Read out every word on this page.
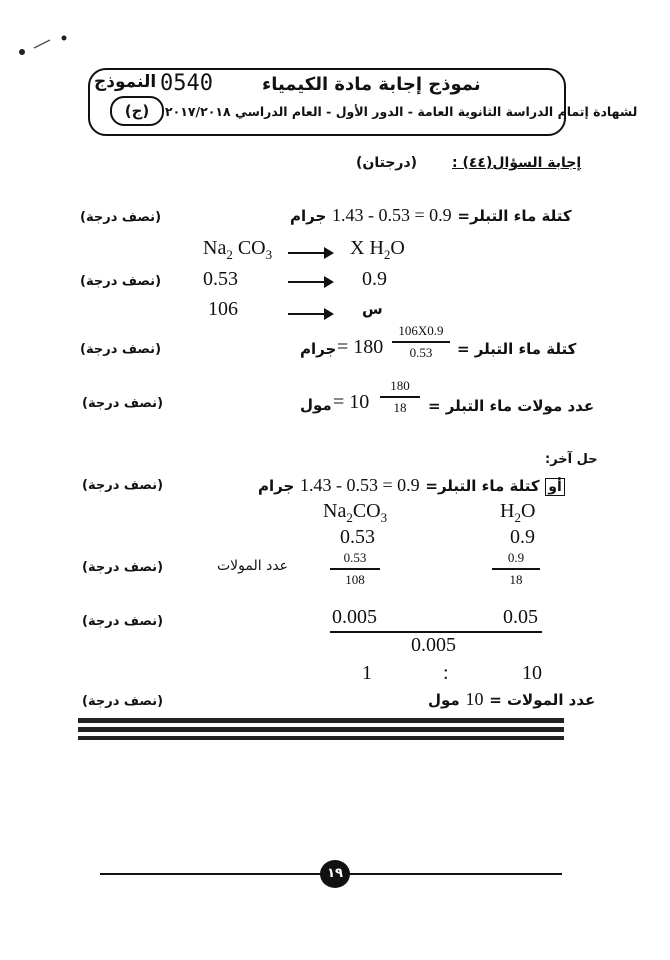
نموذج إجابة مادة الكيمياء
0540
النموذج
(ج)	لشهادة إتمام الدراسة الثانوية العامة - الدور الأول - العام الدراسي ٢٠١٧/٢٠١٨
إجابة السؤال(٤٤) :
(درجتان)
كتلة ماء التبلر= 1.43 - 0.53 = 0.9 جرام
(نصف درجة)
$Na_2$ $CO_3$	X $H_2O$
0.53	0.9
(نصف درجة)
106	س
كتلة ماء التبلر =
106X0.9
0.53
= 180
جرام
(نصف درجة)
عدد مولات ماء التبلر =
180
18
= 10
مول
(نصف درجة)
حل آخر:
أو كتلة ماء التبلر= 1.43 - 0.53 = 0.9 جرام
(نصف درجة)
$Na_2CO_3$	$H_2O$
0.53	0.9
عدد المولات
0.53
108
0.9
18
(نصف درجة)
0.005	0.05
0.005
(نصف درجة)
1	:	10
عدد المولات = 10 مول
(نصف درجة)
١٩
